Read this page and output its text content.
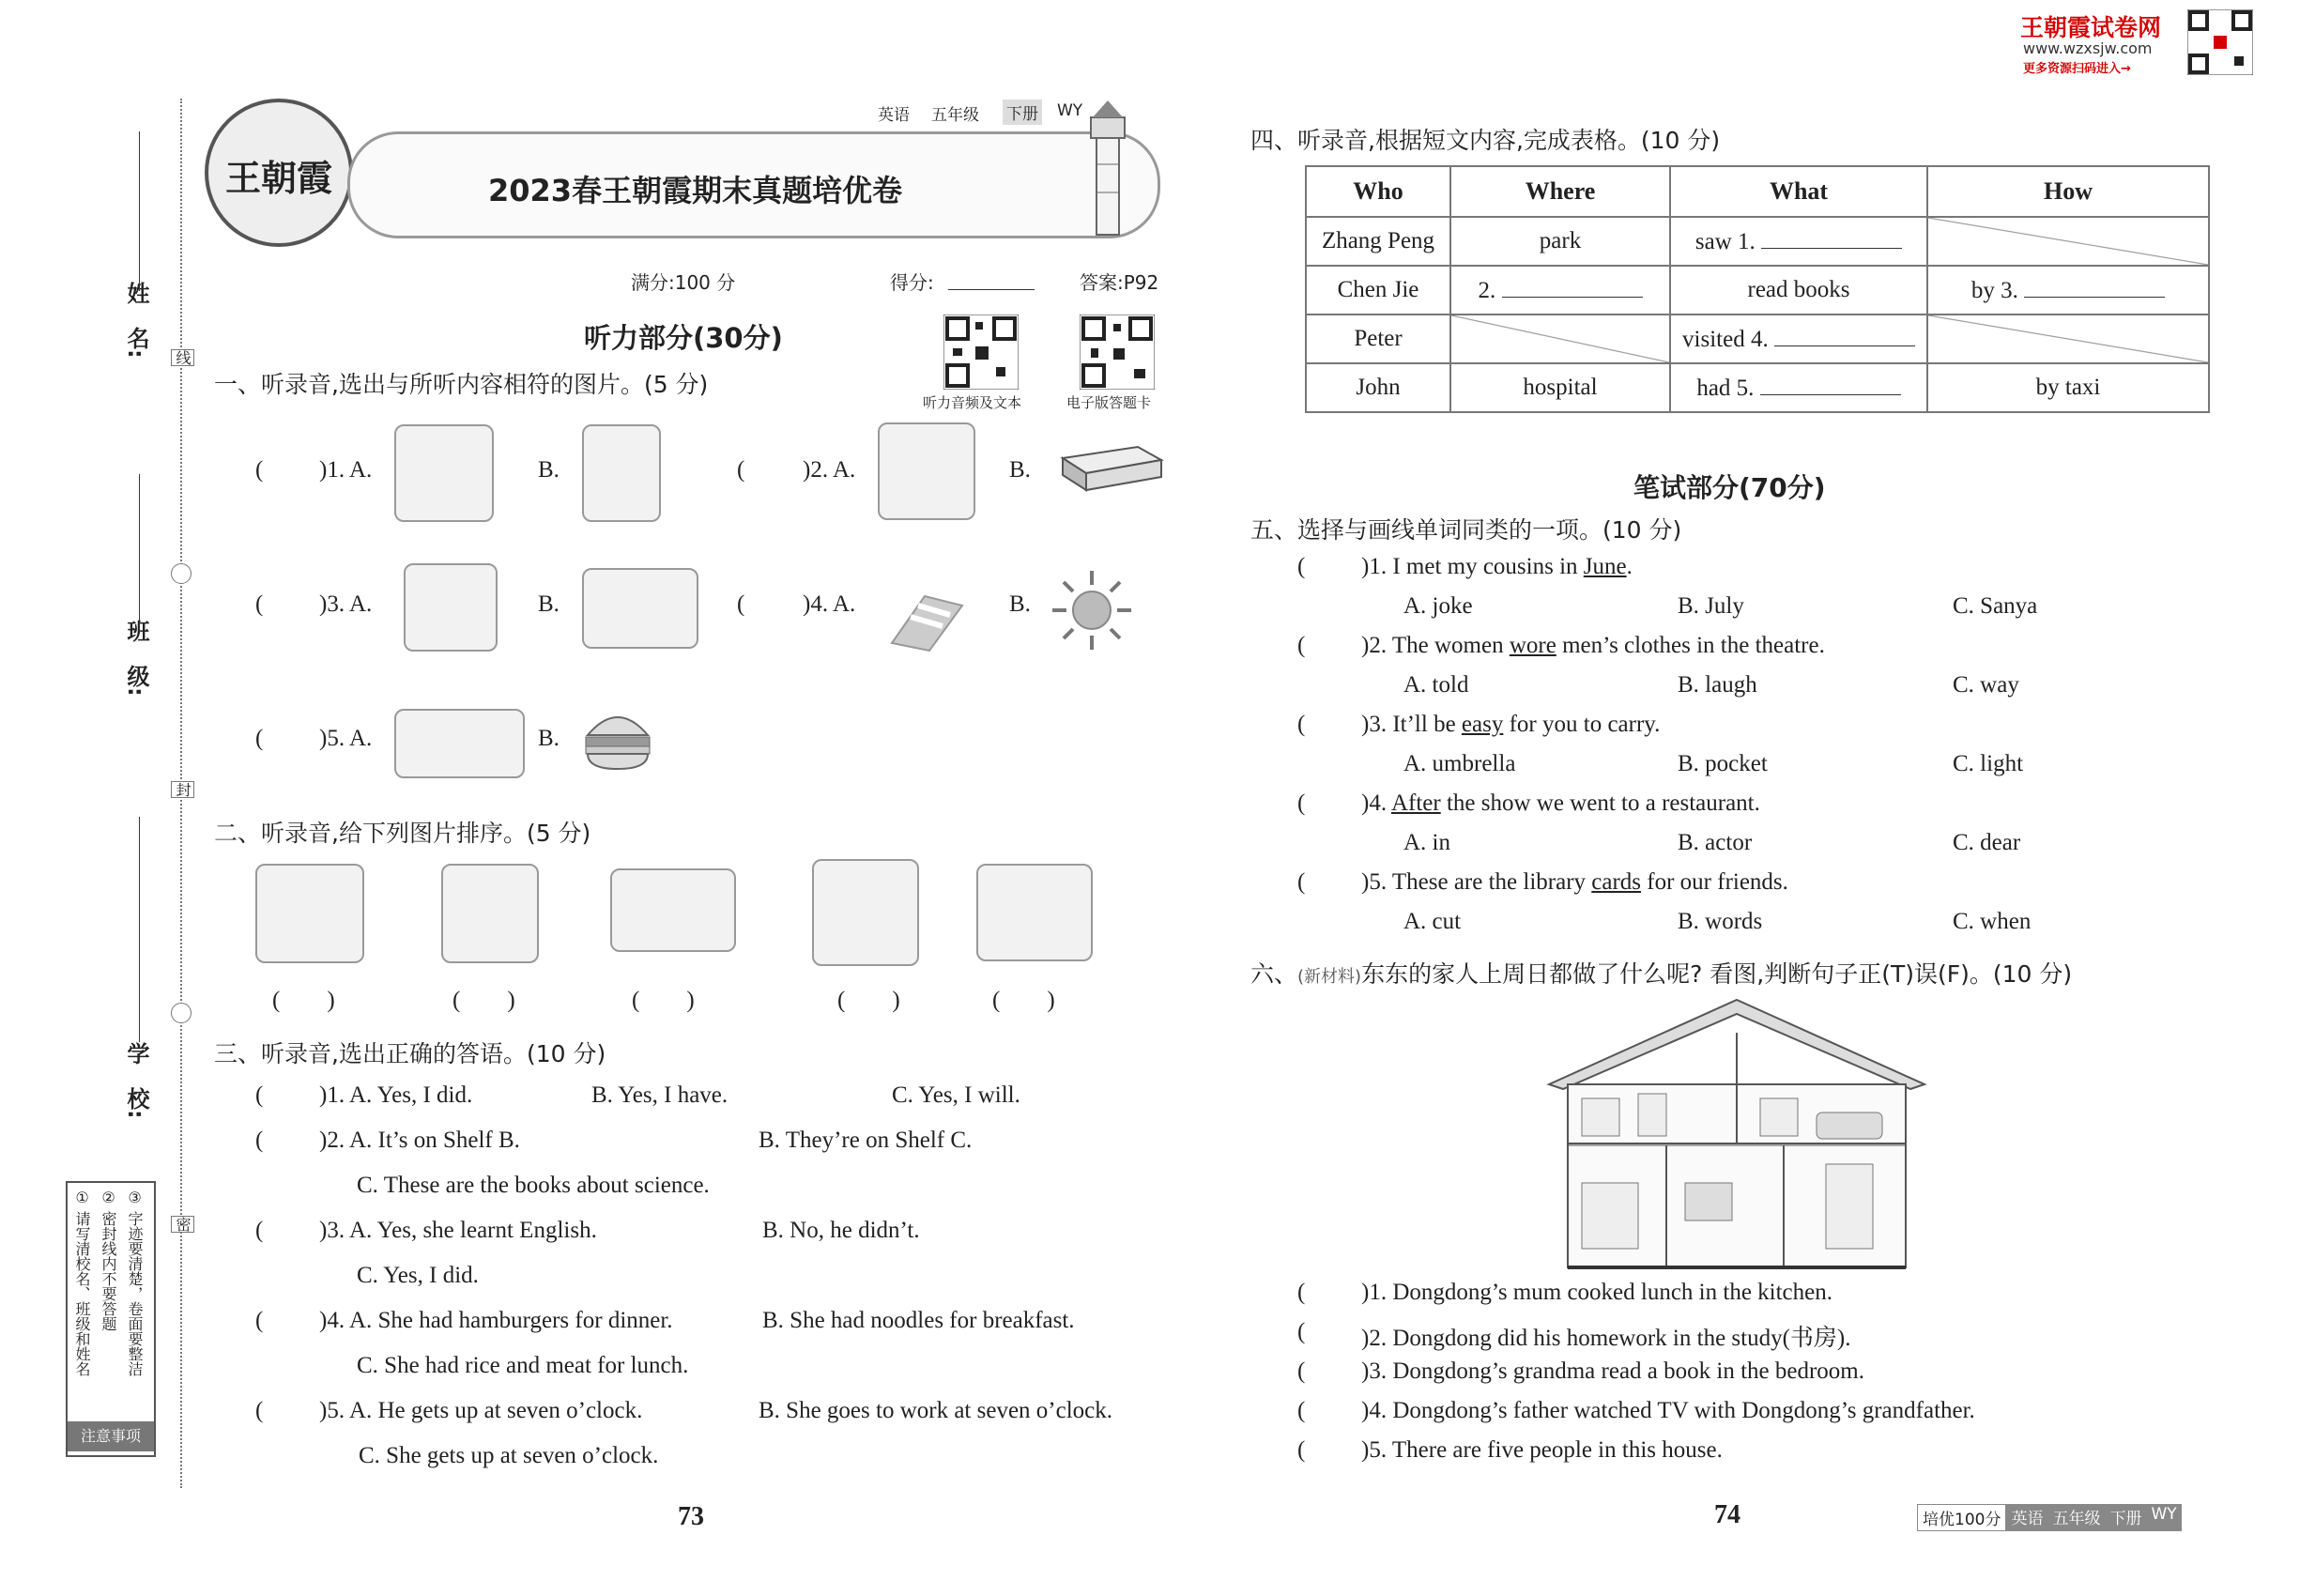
姓　名:
班　级:
学　校:
线
封
密
① 请写清校名、班级和姓名 ② 密封线内不要答题 ③ 字迹要清楚，卷面要整洁
注意事项
王朝霞	2023春王朝霞期末真题培优卷
英语 五年级 下册 WY
满分:100 分	得分:	答案:P92
听力音频及文本	电子版答题卡
听力部分(30分)
一、听录音,选出与所听内容相符的图片。(5 分)
( )1. A.	B.	( )2. A.	B.
( )3. A.	B.	( )4. A.	B.
( )5. A.	B.
二、听录音,给下列图片排序。(5 分)
(　　)	(　　)	(　　)	(　　)	(　　)
三、听录音,选出正确的答语。(10 分)
( )1. A. Yes, I did.	B. Yes, I have.	C. Yes, I will.
( )2. A. It’s on Shelf B.	B. They’re on Shelf C.
C. These are the books about science.
( )3. A. Yes, she learnt English.	B. No, he didn’t.
C. Yes, I did.
( )4. A. She had hamburgers for dinner.	B. She had noodles for breakfast.
C. She had rice and meat for lunch.
( )5. A. He gets up at seven o’clock.	B. She goes to work at seven o’clock.
C. She gets up at seven o’clock.
73
王朝霞试卷网
www.wzxsjw.com
更多资源扫码进入→
四、听录音,根据短文内容,完成表格。(10 分)
Who	Where	What	How
Zhang Peng	park	saw 1.	
Chen Jie	2.	read books	by 3.
Peter		visited 4.	
John	hospital	had 5.	by taxi
笔试部分(70分)
五、选择与画线单词同类的一项。(10 分)
( )1. I met my cousins in June.
A. joke	B. July	C. Sanya
( )2. The women wore men’s clothes in the theatre.
A. told	B. laugh	C. way
( )3. It’ll be easy for you to carry.
A. umbrella	B. pocket	C. light
( )4. After the show we went to a restaurant.
A. in	B. actor	C. dear
( )5. These are the library cards for our friends.
A. cut	B. words	C. when
六、(新材料)东东的家人上周日都做了什么呢? 看图,判断句子正(T)误(F)。(10 分)
( )1. Dongdong’s mum cooked lunch in the kitchen.
( )2. Dongdong did his homework in the study(书房).
( )3. Dongdong’s grandma read a book in the bedroom.
( )4. Dongdong’s father watched TV with Dongdong’s grandfather.
( )5. There are five people in this house.
74	培优100分 英语 五年级 下册 WY
